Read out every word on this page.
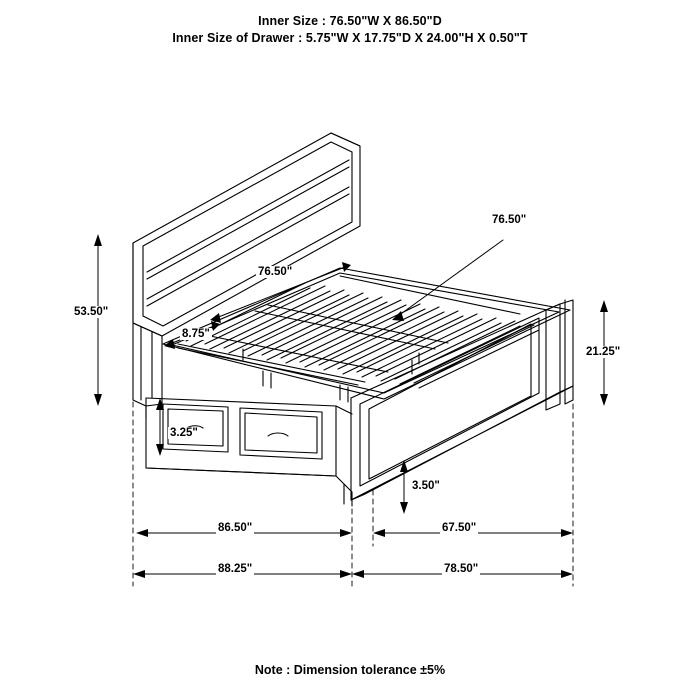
Inner Size : 76.50"W X 86.50"D
Inner Size of Drawer : 5.75"W X 17.75"D X 24.00"H X 0.50"T
53.50"
76.50"
76.50"
8.75"
21.25"
3.25"
3.50"
86.50"	67.50"
88.25"	78.50"
Note : Dimension tolerance ±5%
